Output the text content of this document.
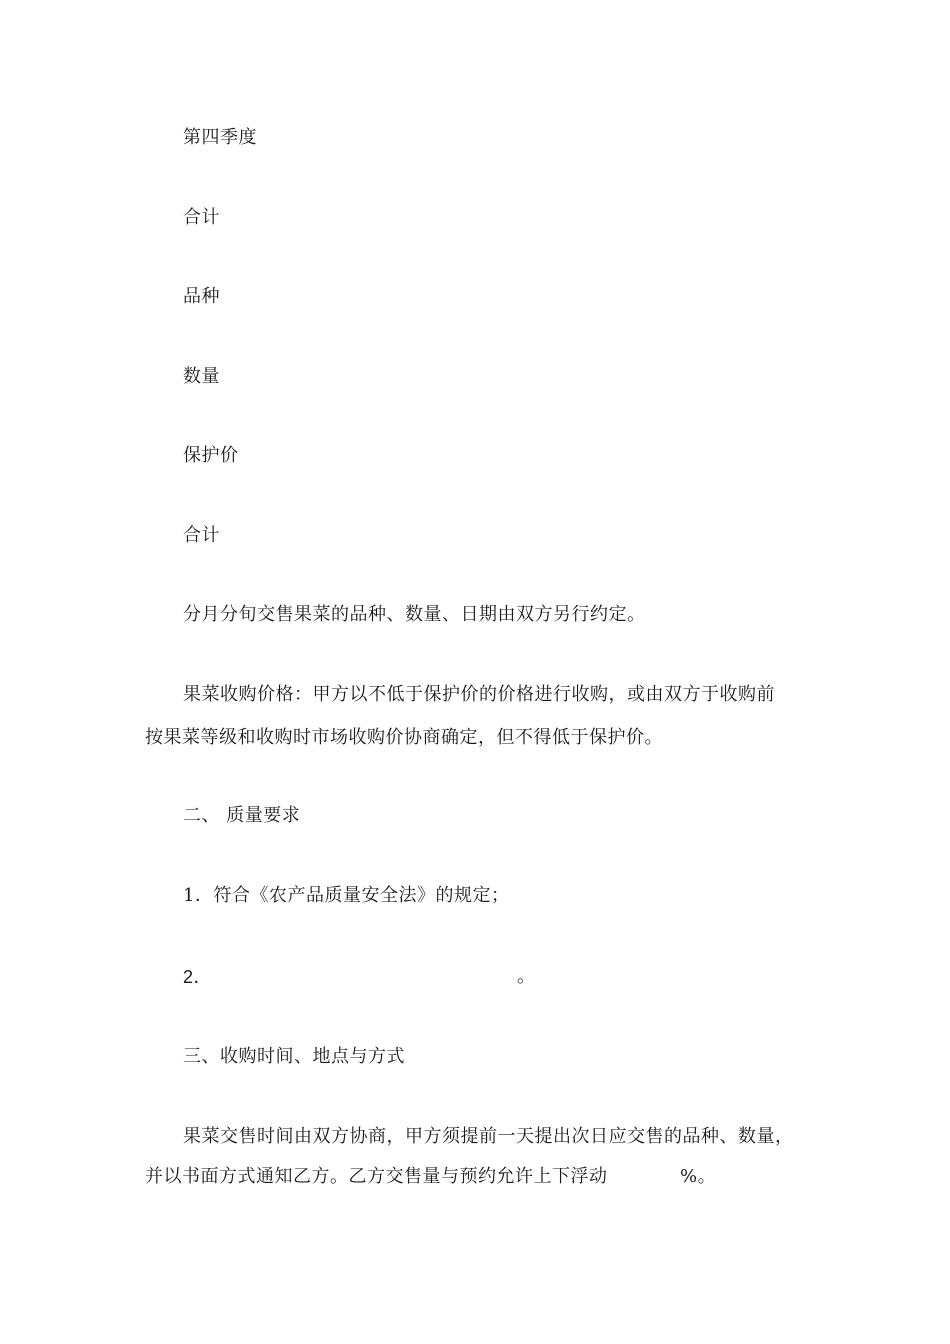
第四季度
合计
品种
数量
保护价
合计
分月分旬交售果菜的品种、数量、日期由双方另行约定。
果菜收购价格：甲方以不低于保护价的价格进行收购，或由双方于收购前
按果菜等级和收购时市场收购价协商确定，但不得低于保护价。
二、 质量要求
1．符合《农产品质量安全法》的规定；
2．	。
三、收购时间、地点与方式
果菜交售时间由双方协商，甲方须提前一天提出次日应交售的品种、数量，
并以书面方式通知乙方。乙方交售量与预约允许上下浮动	%。
